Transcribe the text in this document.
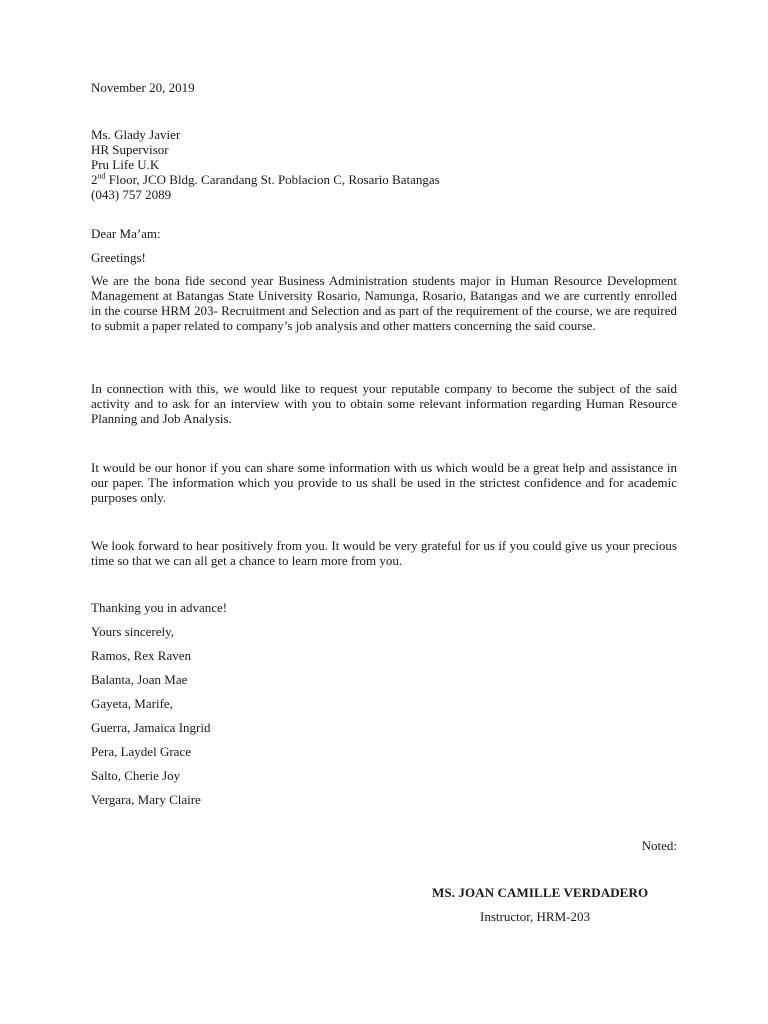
November 20, 2019
Ms. Glady Javier
HR Supervisor
Pru Life U.K
2nd Floor, JCO Bldg. Carandang St. Poblacion C, Rosario Batangas
(043) 757 2089
Dear Ma’am:
Greetings!
We are the bona fide second year Business Administration students major in Human Resource Development Management at Batangas State University Rosario, Namunga, Rosario, Batangas and we are currently enrolled in the course HRM 203- Recruitment and Selection and as part of the requirement of the course, we are required to submit a paper related to company’s job analysis and other matters concerning the said course.
In connection with this, we would like to request your reputable company to become the subject of the said activity and to ask for an interview with you to obtain some relevant information regarding Human Resource Planning and Job Analysis.
It would be our honor if you can share some information with us which would be a great help and assistance in our paper. The information which you provide to us shall be used in the strictest confidence and for academic purposes only.
We look forward to hear positively from you. It would be very grateful for us if you could give us your precious time so that we can all get a chance to learn more from you.
Thanking you in advance!
Yours sincerely,
Ramos, Rex Raven
Balanta, Joan Mae
Gayeta, Marife,
Guerra, Jamaica Ingrid
Pera, Laydel Grace
Salto, Cherie Joy
Vergara, Mary Claire
Noted:
MS. JOAN CAMILLE VERDADERO
Instructor, HRM-203
